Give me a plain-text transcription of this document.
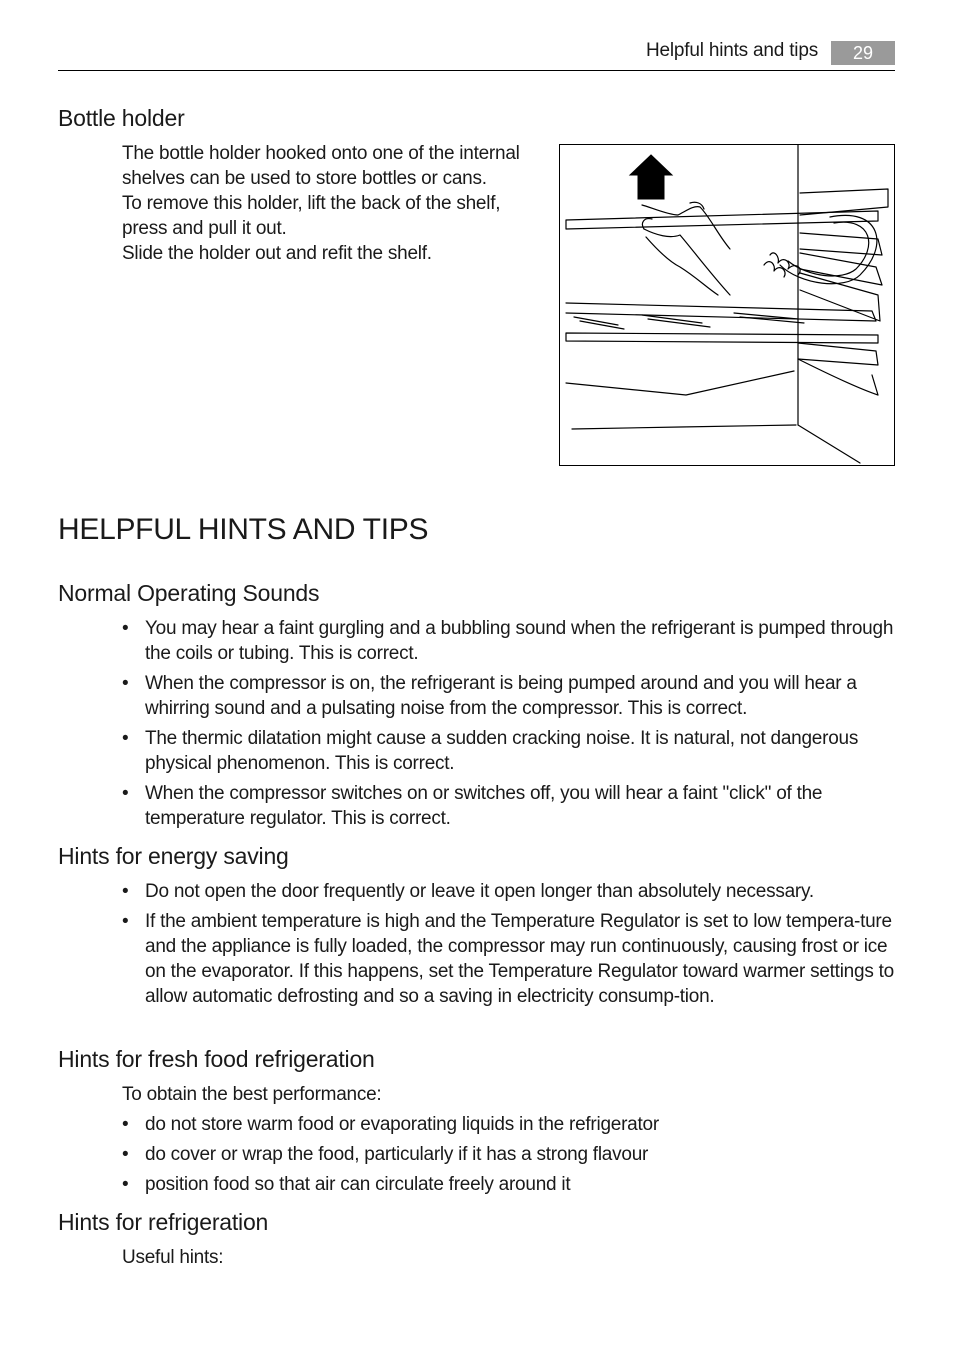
Helpful hints and tips	29
Bottle holder
The bottle holder hooked onto one of the internal
shelves can be used to store bottles or cans.
To remove this holder, lift the back of the shelf,
press and pull it out.
Slide the holder out and refit the shelf.
HELPFUL HINTS AND TIPS
Normal Operating Sounds
• You may hear a faint gurgling and a bubbling sound when the refrigerant is pumped through the coils or tubing. This is correct.
• When the compressor is on, the refrigerant is being pumped around and you will hear a whirring sound and a pulsating noise from the compressor. This is correct.
• The thermic dilatation might cause a sudden cracking noise. It is natural, not dangerous physical phenomenon. This is correct.
• When the compressor switches on or switches off, you will hear a faint "click" of the temperature regulator. This is correct.
Hints for energy saving
• Do not open the door frequently or leave it open longer than absolutely necessary.
• If the ambient temperature is high and the Temperature Regulator is set to low tempera-ture and the appliance is fully loaded, the compressor may run continuously, causing frost or ice on the evaporator. If this happens, set the Temperature Regulator toward warmer settings to allow automatic defrosting and so a saving in electricity consump-tion.
Hints for fresh food refrigeration
To obtain the best performance:
• do not store warm food or evaporating liquids in the refrigerator
• do cover or wrap the food, particularly if it has a strong flavour
• position food so that air can circulate freely around it
Hints for refrigeration
Useful hints:
